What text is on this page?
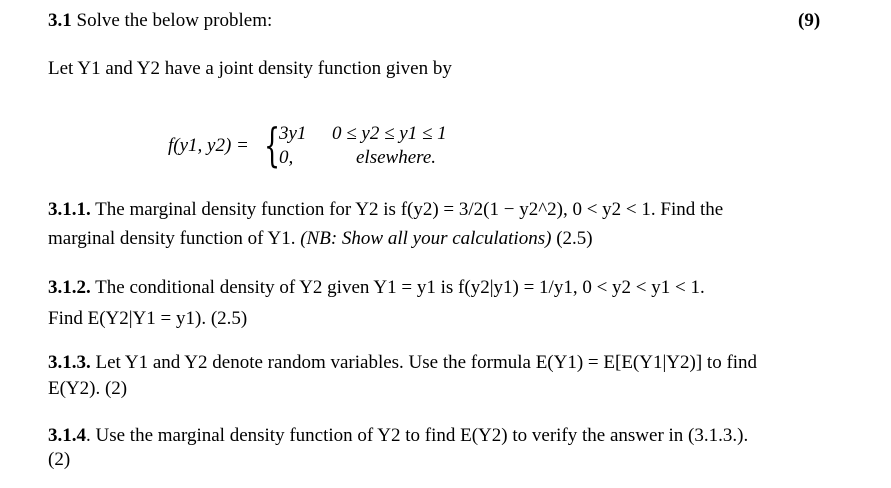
3.1 Solve the below problem:	(9)
Let Y1 and Y2 have a joint density function given by
f(y1, y2) = {
3y1 0 ≤ y2 ≤ y1 ≤ 1
0,	elsewhere.
3.1.1. The marginal density function for Y2 is f(y2) = 3/2(1 − y2^2), 0 < y2 < 1. Find the
marginal density function of Y1. (NB: Show all your calculations) (2.5)
3.1.2. The conditional density of Y2 given Y1 = y1 is f(y2|y1) = 1/y1, 0 < y2 < y1 < 1.
Find E(Y2|Y1 = y1). (2.5)
3.1.3. Let Y1 and Y2 denote random variables. Use the formula E(Y1) = E[E(Y1|Y2)] to find
E(Y2). (2)
3.1.4. Use the marginal density function of Y2 to find E(Y2) to verify the answer in (3.1.3.).
(2)
